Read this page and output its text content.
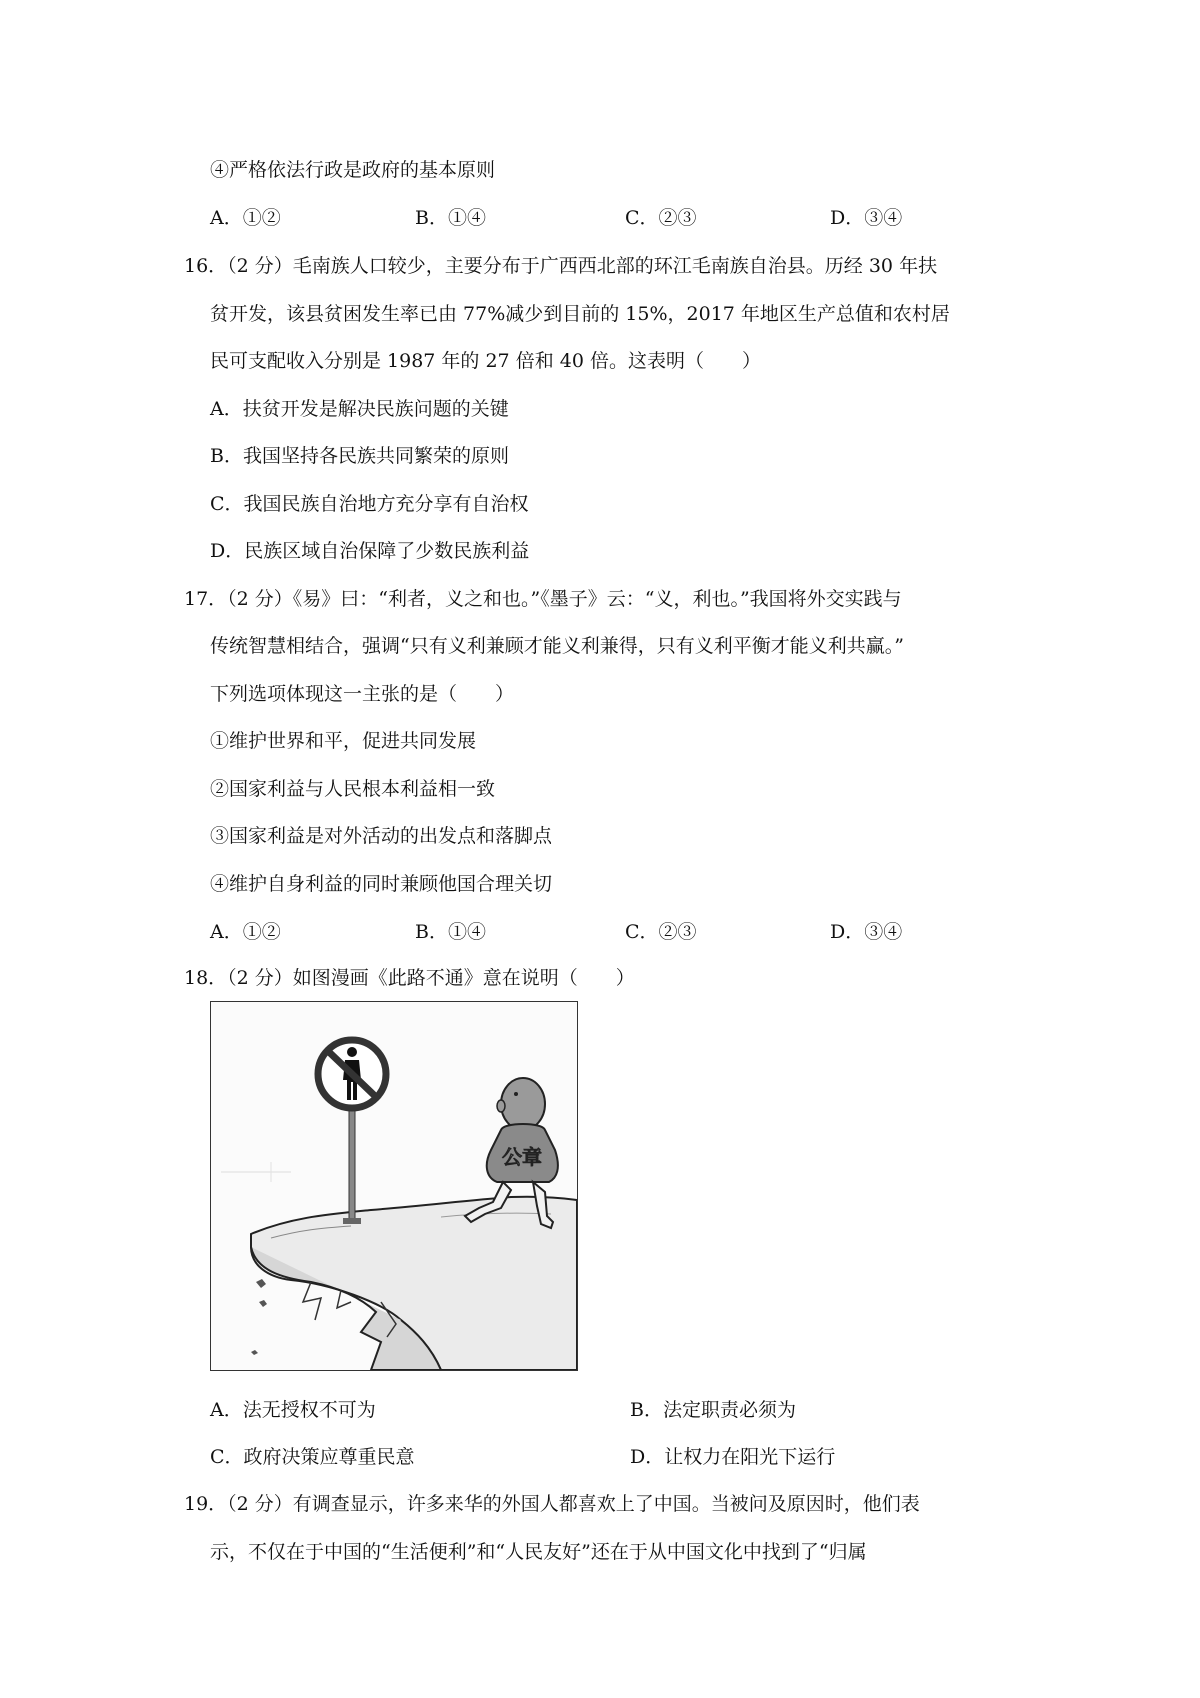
④严格依法行政是政府的基本原则
A．①②	B．①④	C．②③	D．③④
16．（2 分）毛南族人口较少，主要分布于广西西北部的环江毛南族自治县。历经 30 年扶
贫开发，该县贫困发生率已由 77%减少到目前的 15%，2017 年地区生产总值和农村居
民可支配收入分别是 1987 年的 27 倍和 40 倍。这表明（　　）
A．扶贫开发是解决民族问题的关键
B．我国坚持各民族共同繁荣的原则
C．我国民族自治地方充分享有自治权
D．民族区域自治保障了少数民族利益
17．（2 分）《易》曰：“利者，义之和也。”《墨子》云：“义，利也。”我国将外交实践与
传统智慧相结合，强调“只有义利兼顾才能义利兼得，只有义利平衡才能义利共赢。”
下列选项体现这一主张的是（　　）
①维护世界和平，促进共同发展
②国家利益与人民根本利益相一致
③国家利益是对外活动的出发点和落脚点
④维护自身利益的同时兼顾他国合理关切
A．①②	B．①④	C．②③	D．③④
18．（2 分）如图漫画《此路不通》意在说明（　　）
公章
A．法无授权不可为	B．法定职责必须为
C．政府决策应尊重民意	D．让权力在阳光下运行
19．（2 分）有调查显示，许多来华的外国人都喜欢上了中国。当被问及原因时，他们表
示，不仅在于中国的“生活便利”和“人民友好”还在于从中国文化中找到了“归属
